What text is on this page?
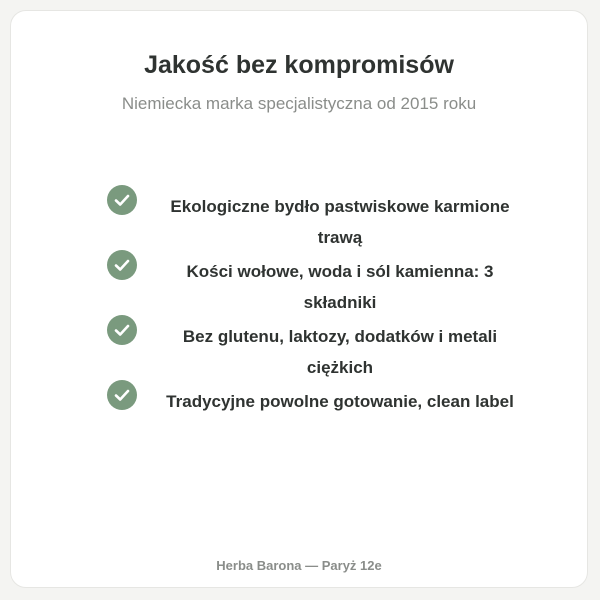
Jakość bez kompromisów

Niemiecka marka specjalistyczna od 2015 roku

Ekologiczne bydło pastwiskowe karmione trawą
Kości wołowe, woda i sól kamienna: 3 składniki
Bez glutenu, laktozy, dodatków i metali ciężkich
Tradycyjne powolne gotowanie, clean label
Herba Barona — Paryż 12e
